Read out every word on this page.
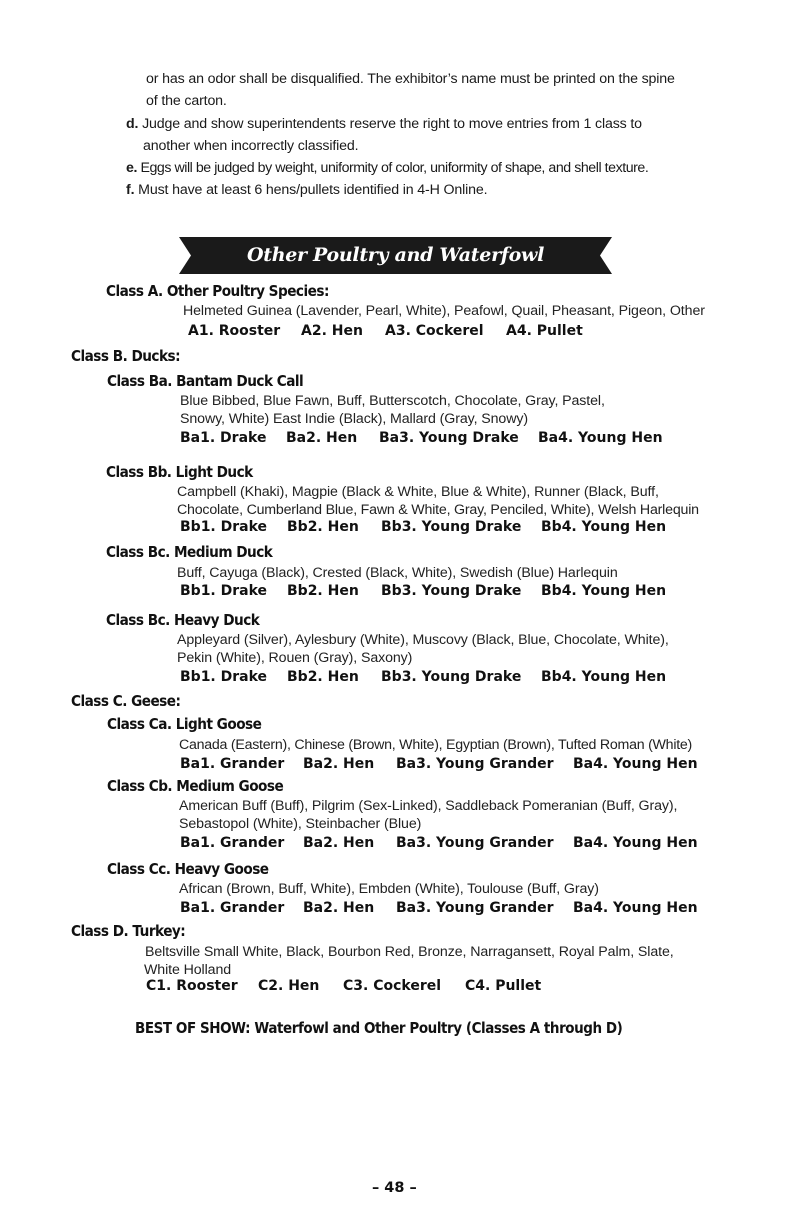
or has an odor shall be disqualified. The exhibitor’s name must be printed on the spine
of the carton.
d. Judge and show superintendents reserve the right to move entries from 1 class to
another when incorrectly classified.
e. Eggs will be judged by weight, uniformity of color, uniformity of shape, and shell texture.
f. Must have at least 6 hens/pullets identified in 4-H Online.
Other Poultry and Waterfowl
Class A. Other Poultry Species:
Helmeted Guinea (Lavender, Pearl, White), Peafowl, Quail, Pheasant, Pigeon, Other
A1. Rooster A2. Hen A3. Cockerel A4. Pullet
Class B. Ducks:
Class Ba. Bantam Duck Call
Blue Bibbed, Blue Fawn, Buff, Butterscotch, Chocolate, Gray, Pastel,
Snowy, White) East Indie (Black), Mallard (Gray, Snowy)
Ba1. Drake Ba2. Hen Ba3. Young Drake Ba4. Young Hen
Class Bb. Light Duck
Campbell (Khaki), Magpie (Black & White, Blue & White), Runner (Black, Buff,
Chocolate, Cumberland Blue, Fawn & White, Gray, Penciled, White), Welsh Harlequin
Bb1. Drake Bb2. Hen Bb3. Young Drake Bb4. Young Hen
Class Bc. Medium Duck
Buff, Cayuga (Black), Crested (Black, White), Swedish (Blue) Harlequin
Bb1. Drake Bb2. Hen Bb3. Young Drake Bb4. Young Hen
Class Bc. Heavy Duck
Appleyard (Silver), Aylesbury (White), Muscovy (Black, Blue, Chocolate, White),
Pekin (White), Rouen (Gray), Saxony)
Bb1. Drake Bb2. Hen Bb3. Young Drake Bb4. Young Hen
Class C. Geese:
Class Ca. Light Goose
Canada (Eastern), Chinese (Brown, White), Egyptian (Brown), Tufted Roman (White)
Ba1. Grander Ba2. Hen Ba3. Young Grander Ba4. Young Hen
Class Cb. Medium Goose
American Buff (Buff), Pilgrim (Sex-Linked), Saddleback Pomeranian (Buff, Gray),
Sebastopol (White), Steinbacher (Blue)
Ba1. Grander Ba2. Hen Ba3. Young Grander Ba4. Young Hen
Class Cc. Heavy Goose
African (Brown, Buff, White), Embden (White), Toulouse (Buff, Gray)
Ba1. Grander Ba2. Hen Ba3. Young Grander Ba4. Young Hen
Class D. Turkey:
Beltsville Small White, Black, Bourbon Red, Bronze, Narragansett, Royal Palm, Slate,
White Holland
C1. Rooster C2. Hen C3. Cockerel C4. Pullet
BEST OF SHOW: Waterfowl and Other Poultry (Classes A through D)
– 48 –
